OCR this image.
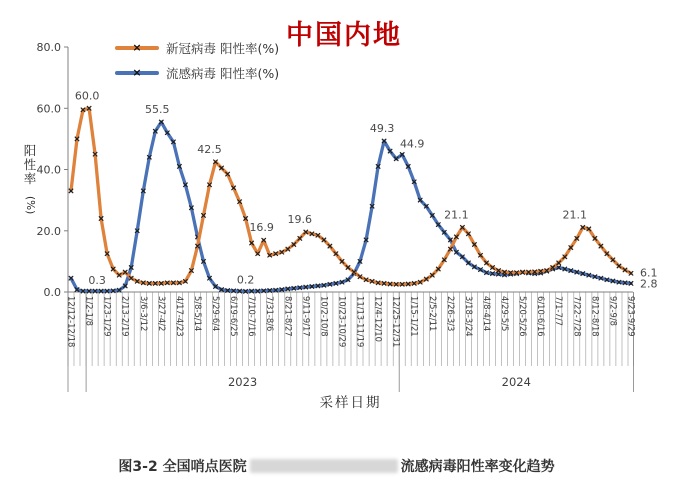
2023	2024
0.0
20.0
40.0
60.0
80.0
12/12-12/18 1/2-1/8 1/23-1/29 2/13-2/19 3/6-3/12 3/27-4/2 4/17-4/23 5/8-5/14 5/29-6/4 6/19-6/25 7/10-7/16 7/31-8/6 8/21-8/27 9/11-9/17 10/2-10/8 10/23-10/29 11/13-11/19 12/4-12/10 12/25-12/31 1/15-1/21 2/5-2/11 2/26-3/3 3/18-3/24 4/8-4/14 4/29-5/5 5/20-5/26 6/10-6/16 7/1-7/7 7/22-7/28 8/12-8/18 9/2-9/8 9/23-9/29
阳
性
率
(%)
采样日期
60.0
0.3
55.5
42.5
0.2
16.9
19.6
49.3
44.9
21.1	21.1
6.1
2.8
中国内地
× 新冠病毒 阳性率(%)
× 流感病毒 阳性率(%)
图3-2 全国哨点医院	流感病毒阳性率变化趋势
